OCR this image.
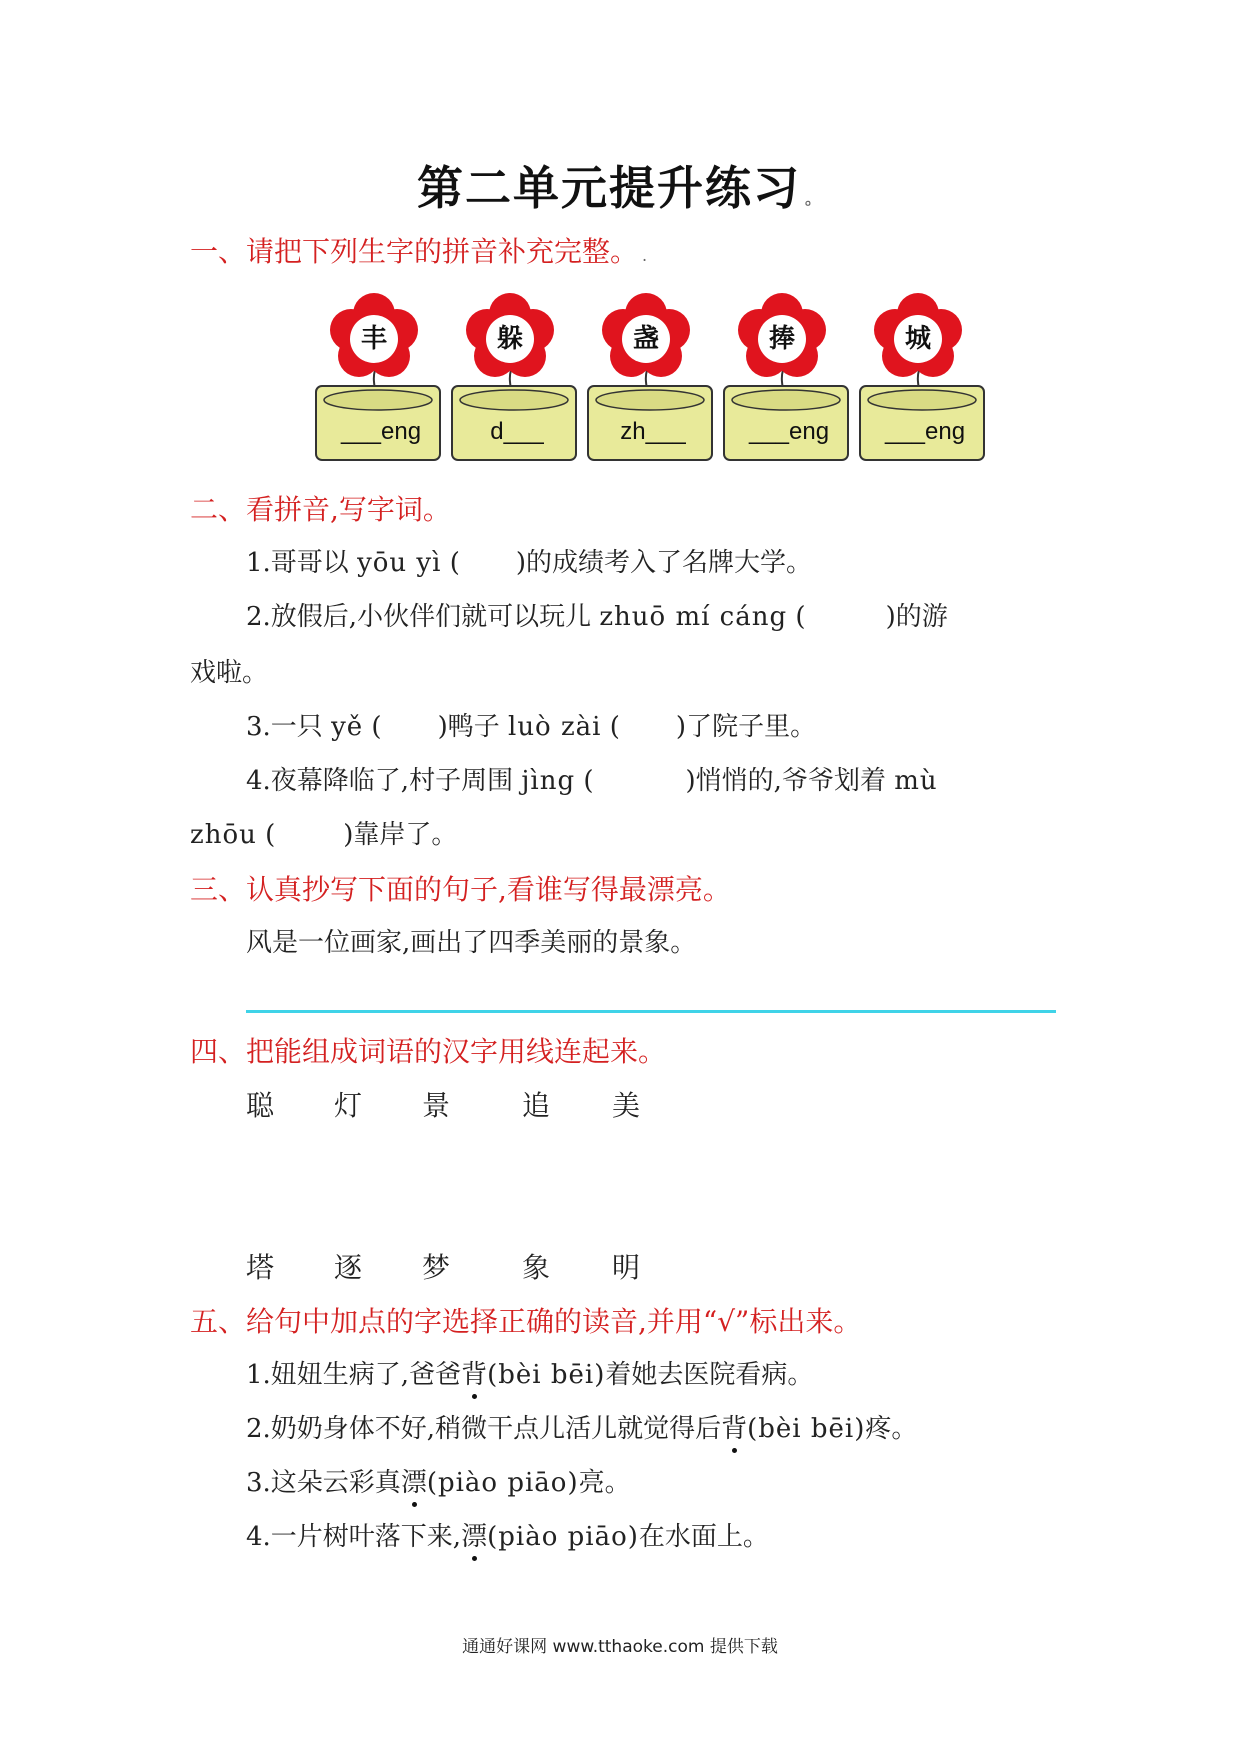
第二单元提升练习 。
一、请把下列生字的拼音补充完整。 .
丰
___eng
躲
d___
盏
zh___
捧
___eng
城
___eng
二、看拼音,写字词。
1.哥哥以 yōu yì ( )的成绩考入了名牌大学。
2.放假后,小伙伴们就可以玩儿 zhuō mí cáng (	)的游
戏啦。
3.一只 yě ( )鸭子 luò zài ( )了院子里。
4.夜幕降临了,村子周围 jìng (	)悄悄的,爷爷划着 mù
zhōu (	)靠岸了。
三、认真抄写下面的句子,看谁写得最漂亮。
风是一位画家,画出了四季美丽的景象。
四、把能组成词语的汉字用线连起来。
聪 灯 景	追 美
塔 逐 梦	象 明
五、给句中加点的字选择正确的读音,并用“√”标出来。
1.妞妞生病了,爸爸背(bèi bēi)着她去医院看病。
2.奶奶身体不好,稍微干点儿活儿就觉得后背(bèi bēi)疼。
3.这朵云彩真漂(piào piāo)亮。
4.一片树叶落下来,漂(piào piāo)在水面上。
通通好课网 www.tthaoke.com 提供下载
